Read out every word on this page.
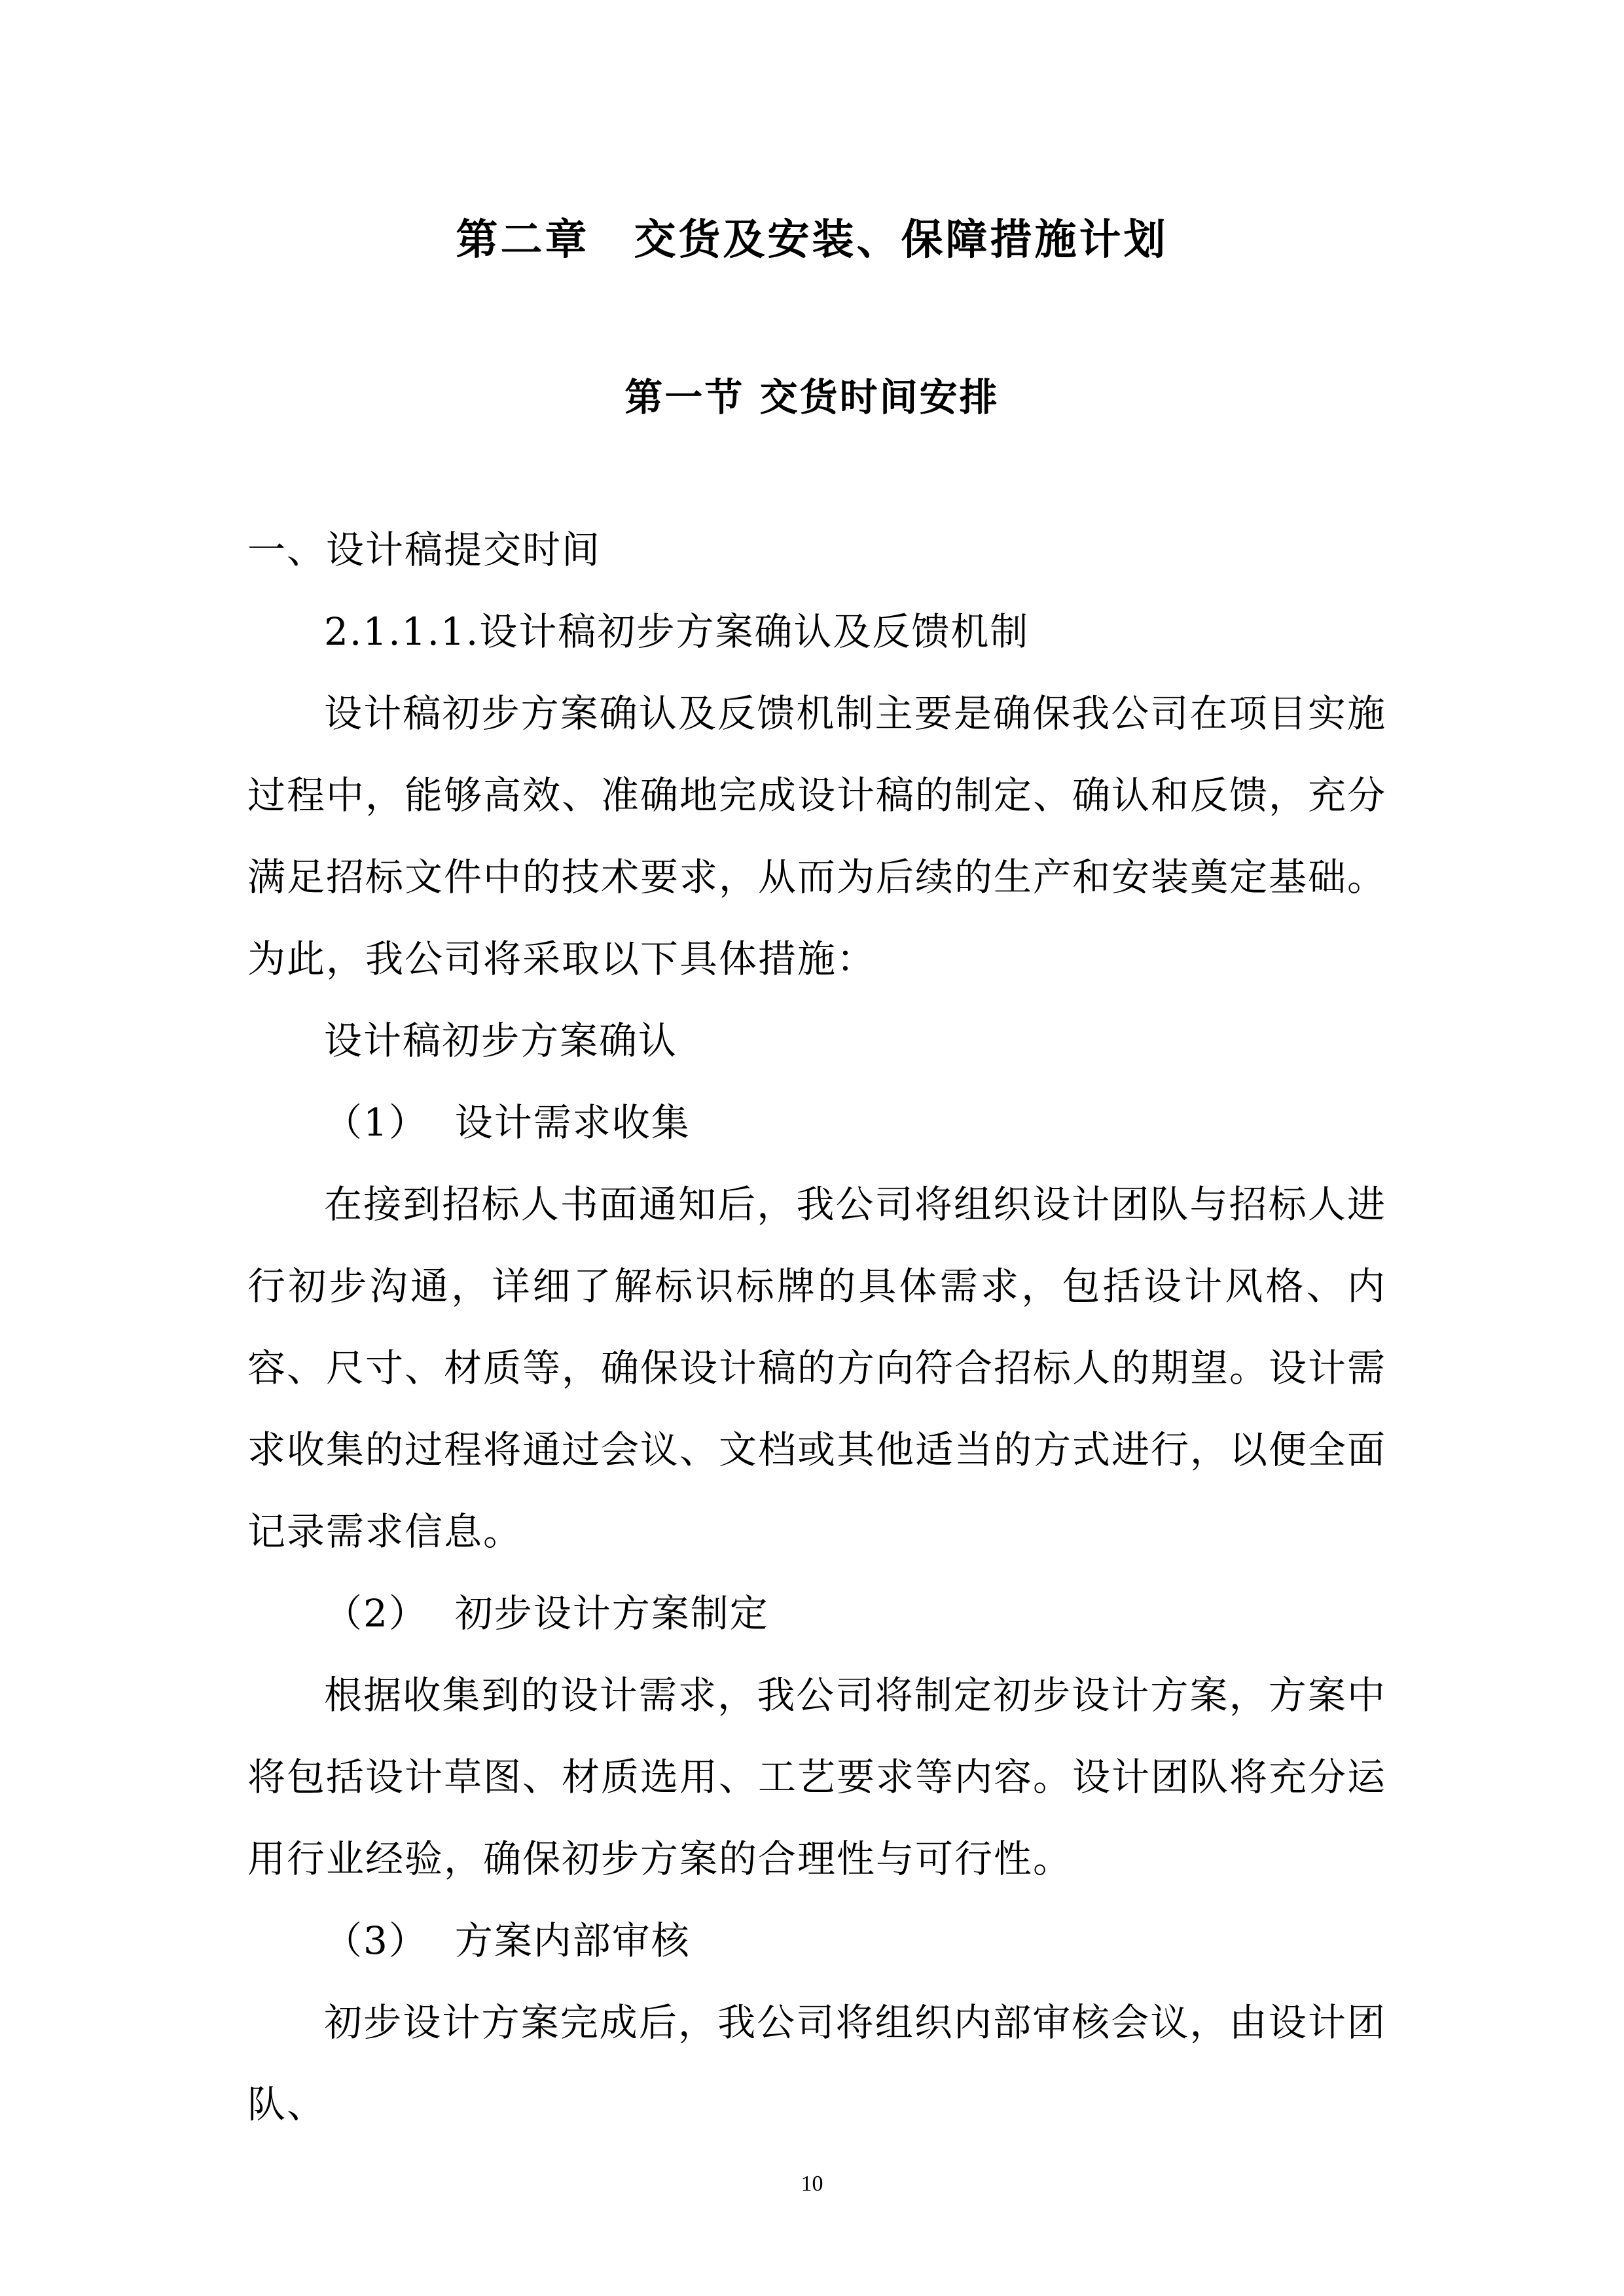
第二章　交货及安装、保障措施计划
第一节 交货时间安排

一、设计稿提交时间

2.1.1.1.设计稿初步方案确认及反馈机制

设计稿初步方案确认及反馈机制主要是确保我公司在项目实施过程中，能够高效、准确地完成设计稿的制定、确认和反馈，充分满足招标文件中的技术要求，从而为后续的生产和安装奠定基础。为此，我公司将采取以下具体措施：

设计稿初步方案确认

（1）  设计需求收集

在接到招标人书面通知后，我公司将组织设计团队与招标人进行初步沟通，详细了解标识标牌的具体需求，包括设计风格、内容、尺寸、材质等，确保设计稿的方向符合招标人的期望。设计需求收集的过程将通过会议、文档或其他适当的方式进行，以便全面记录需求信息。

（2）  初步设计方案制定

根据收集到的设计需求，我公司将制定初步设计方案，方案中将包括设计草图、材质选用、工艺要求等内容。设计团队将充分运用行业经验，确保初步方案的合理性与可行性。

（3）  方案内部审核

初步设计方案完成后，我公司将组织内部审核会议，由设计团队、

10
